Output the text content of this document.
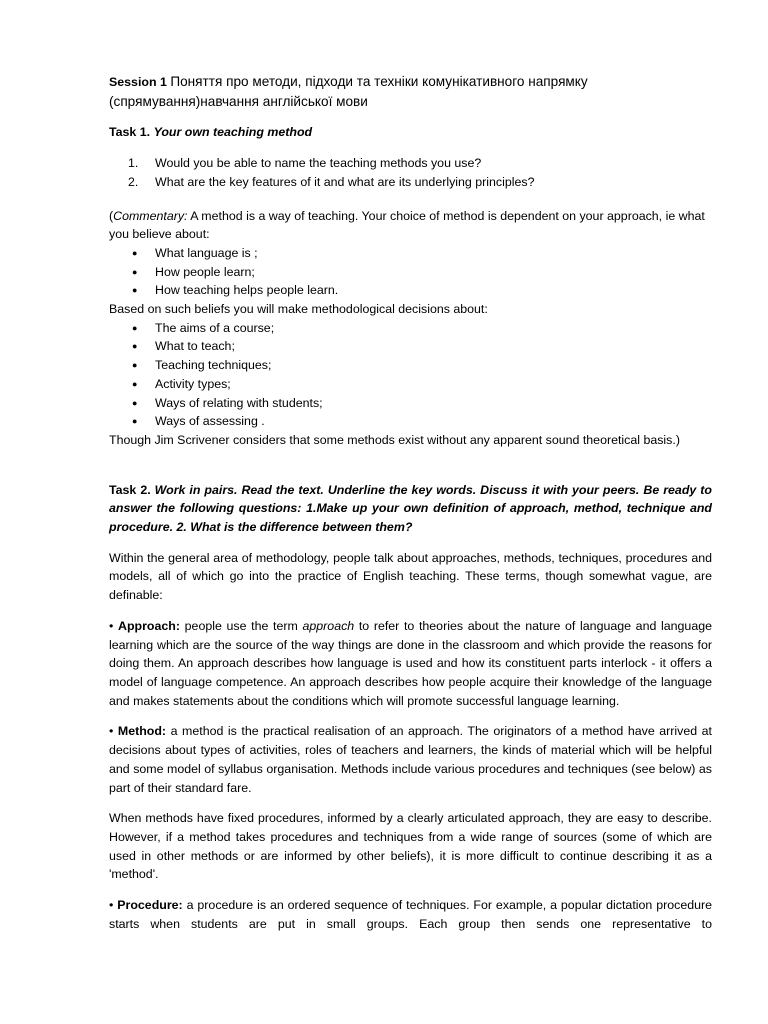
Session 1 Поняття про методи, підходи та техніки комунікативного напрямку (спрямування)навчання англійської мови

Task 1. Your own teaching method

1. Would you be able to name the teaching methods you use?
2. What are the key features of it and what are its underlying principles?

(Commentary: A method is a way of teaching. Your choice of method is dependent on your approach, ie what you believe about:

● What language is ;
● How people learn;
● How teaching helps people learn.

Based on such beliefs you will make methodological decisions about:

● The aims of a course;
● What to teach;
● Teaching techniques;
● Activity types;
● Ways of relating with students;
● Ways of assessing .

Though Jim Scrivener considers that some methods exist without any apparent sound theoretical basis.)

Task 2. Work in pairs. Read the text. Underline the key words. Discuss it with your peers. Be ready to answer the following questions: 1.Make up your own definition of approach, method, technique and procedure. 2. What is the difference between them?

Within the general area of methodology, people talk about approaches, methods, techniques, procedures and models, all of which go into the practice of English teaching. These terms, though somewhat vague, are definable:

• Approach: people use the term approach to refer to theories about the nature of language and language learning which are the source of the way things are done in the classroom and which provide the reasons for doing them. An approach describes how language is used and how its constituent parts interlock - it offers a model of language competence. An approach describes how people acquire their knowledge of the language and makes statements about the conditions which will promote successful language learning.

• Method: a method is the practical realisation of an approach. The originators of a method have arrived at decisions about types of activities, roles of teachers and learners, the kinds of material which will be helpful and some model of syllabus organisation. Methods include various procedures and techniques (see below) as part of their standard fare.

When methods have fixed procedures, informed by a clearly articulated approach, they are easy to describe. However, if a method takes procedures and techniques from a wide range of sources (some of which are used in other methods or are informed by other beliefs), it is more difficult to continue describing it as a 'method'.

• Procedure: a procedure is an ordered sequence of techniques. For example, a popular dictation procedure starts when students are put in small groups. Each group then sends one representative to
